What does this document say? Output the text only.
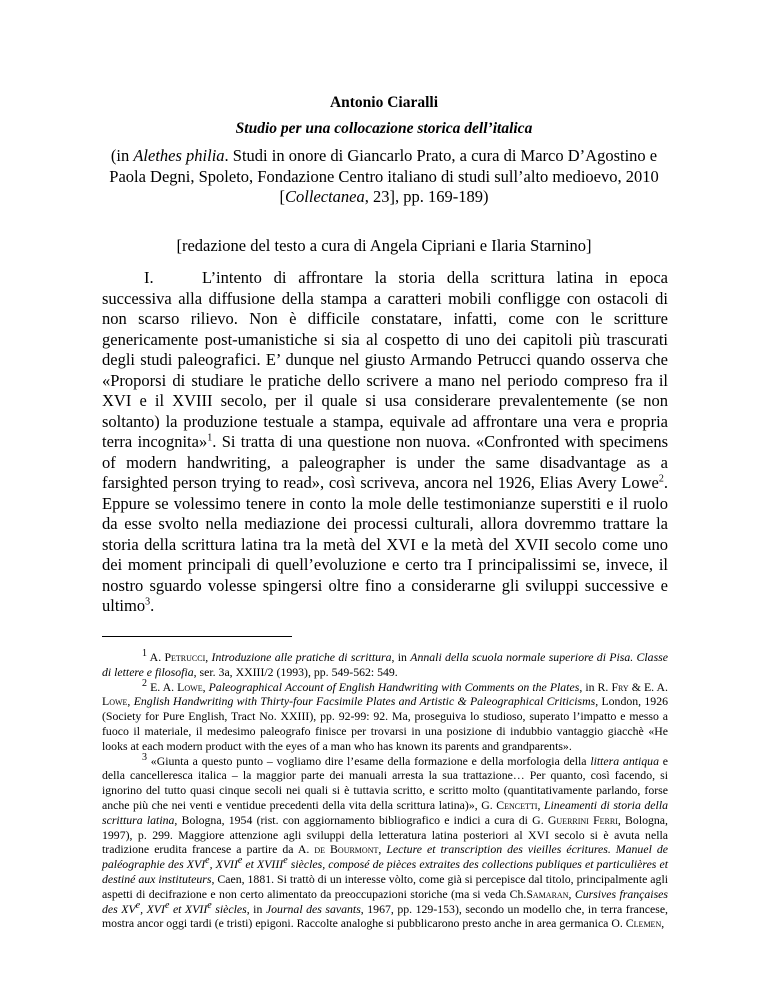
Antonio Ciaralli
Studio per una collocazione storica dell’italica
(in Alethes philia. Studi in onore di Giancarlo Prato, a cura di Marco D’Agostino e Paola Degni, Spoleto, Fondazione Centro italiano di studi sull’alto medioevo, 2010 [Collectanea, 23], pp. 169-189)
[redazione del testo a cura di Angela Cipriani e Ilaria Starnino]

I.	L’intento di affrontare la storia della scrittura latina in epoca successiva alla diffusione della stampa a caratteri mobili confligge con ostacoli di non scarso rilievo. Non è difficile constatare, infatti, come con le scritture genericamente post-umanistiche si sia al cospetto di uno dei capitoli più trascurati degli studi paleografici. E’ dunque nel giusto Armando Petrucci quando osserva che «Proporsi di studiare le pratiche dello scrivere a mano nel periodo compreso fra il XVI e il XVIII secolo, per il quale si usa considerare prevalentemente (se non soltanto) la produzione testuale a stampa, equivale ad affrontare una vera e propria terra incognita»$^1$. Si tratta di una questione non nuova. «Confronted with specimens of modern handwriting, a paleographer is under the same disadvantage as a farsighted person trying to read», così scriveva, ancora nel 1926, Elias Avery Lowe$^2$. Eppure se volessimo tenere in conto la mole delle testimonianze superstiti e il ruolo da esse svolto nella mediazione dei processi culturali, allora dovremmo trattare la storia della scrittura latina tra la metà del XVI e la metà del XVII secolo come uno dei moment principali di quell’evoluzione e certo tra I principalissimi se, invece, il nostro sguardo volesse spingersi oltre fino a considerarne gli sviluppi successive e ultimo$^3$.

$^1$ A. Petrucci, Introduzione alle pratiche di scrittura, in Annali della scuola normale superiore di Pisa. Classe di lettere e filosofia, ser. 3a, XXIII/2 (1993), pp. 549-562: 549.

$^2$ E. A. Lowe, Paleographical Account of English Handwriting with Comments on the Plates, in R. Fry & E. A. Lowe, English Handwriting with Thirty-four Facsimile Plates and Artistic & Paleographical Criticisms, London, 1926 (Society for Pure English, Tract No. XXIII), pp. 92-99: 92. Ma, proseguiva lo studioso, superato l’impatto e messo a fuoco il materiale, il medesimo paleografo finisce per trovarsi in una posizione di indubbio vantaggio giacchè «He looks at each modern product with the eyes of a man who has known its parents and grandparents».

$^3$ «Giunta a questo punto – vogliamo dire l’esame della formazione e della morfologia della littera antiqua e della cancelleresca italica – la maggior parte dei manuali arresta la sua trattazione… Per quanto, così facendo, si ignorino del tutto quasi cinque secoli nei quali si è tuttavia scritto, e scritto molto (quantitativamente parlando, forse anche più che nei venti e ventidue precedenti della vita della scrittura latina)», G. Cencetti, Lineamenti di storia della scrittura latina, Bologna, 1954 (rist. con aggiornamento bibliografico e indici a cura di G. Guerrini Ferri, Bologna, 1997), p. 299. Maggiore attenzione agli sviluppi della letteratura latina posteriori al XVI secolo si è avuta nella tradizione erudita francese a partire da A. de Bourmont, Lecture et transcription des vieilles écritures. Manuel de paléographie des XVIe, XVIIe et XVIIIe siècles, composé de pièces extraites des collections publiques et particulières et destiné aux instituteurs, Caen, 1881. Si trattò di un interesse vòlto, come già si percepisce dal titolo, principalmente agli aspetti di decifrazione e non certo alimentato da preoccupazioni storiche (ma si veda Ch.Samaran, Cursives françaises des XVe, XVIe et XVIIe siècles, in Journal des savants, 1967, pp. 129-153), secondo un modello che, in terra francese, mostra ancor oggi tardi (e tristi) epigoni. Raccolte analoghe si pubblicarono presto anche in area germanica O. Clemen,
